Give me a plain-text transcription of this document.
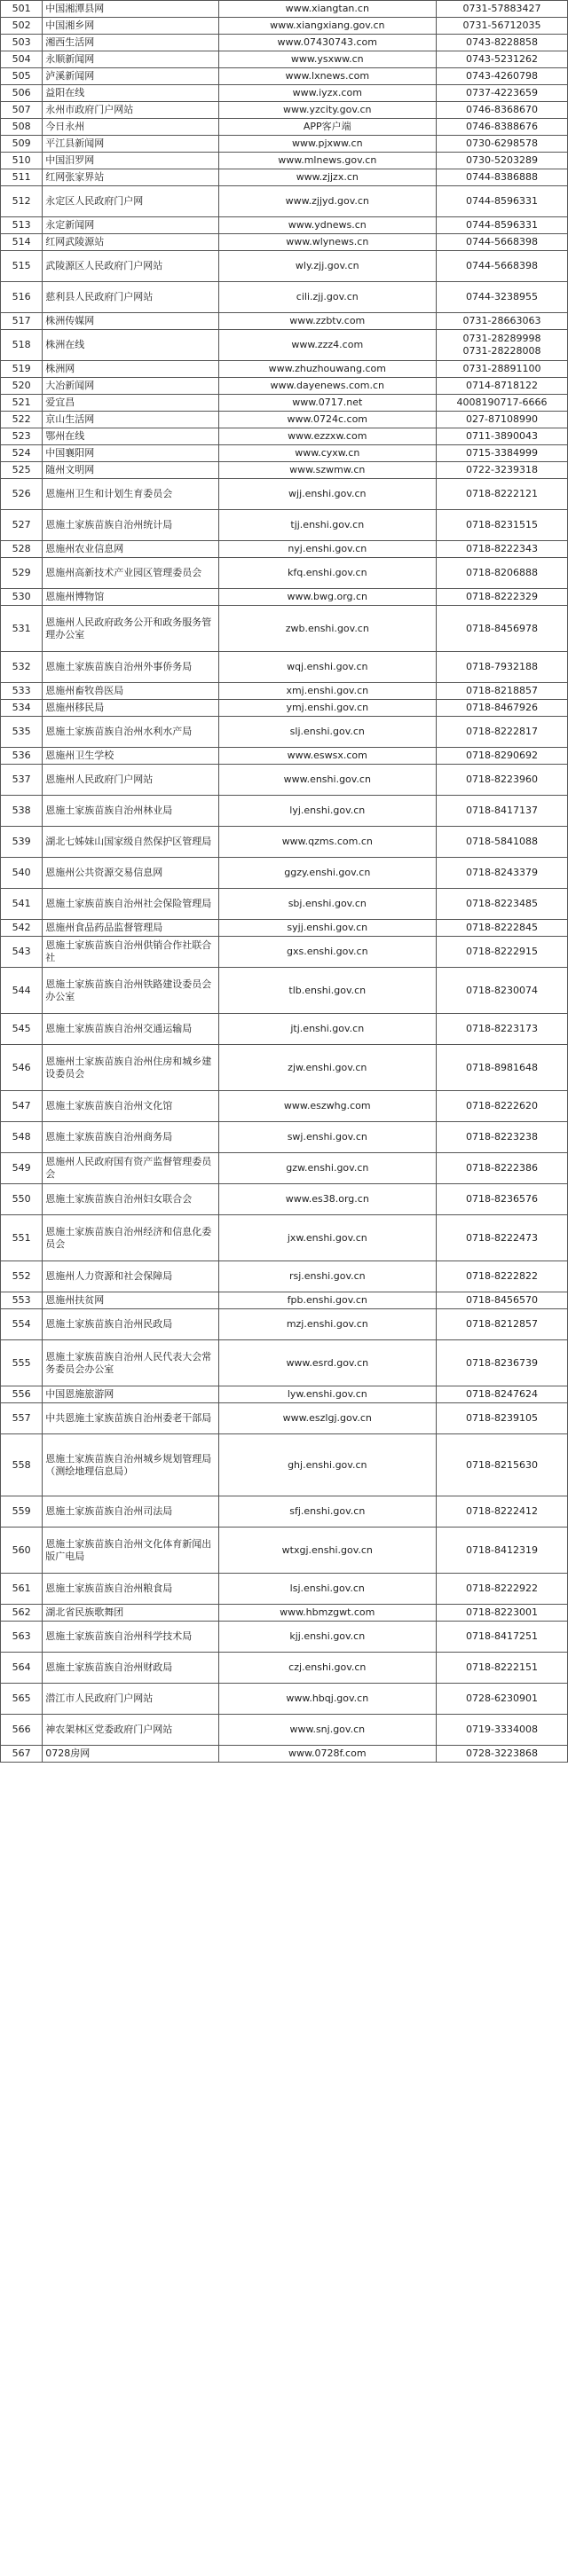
501	中国湘潭县网	www.xiangtan.cn	0731-57883427
502	中国湘乡网	www.xiangxiang.gov.cn	0731-56712035
503	湘西生活网	www.07430743.com	0743-8228858
504	永顺新闻网	www.ysxww.cn	0743-5231262
505	泸溪新闻网	www.lxnews.com	0743-4260798
506	益阳在线	www.iyzx.com	0737-4223659
507	永州市政府门户网站	www.yzcity.gov.cn	0746-8368670
508	今日永州	APP客户端	0746-8388676
509	平江县新闻网	www.pjxww.cn	0730-6298578
510	中国汨罗网	www.mlnews.gov.cn	0730-5203289
511	红网张家界站	www.zjjzx.cn	0744-8386888
512	永定区人民政府门户网	www.zjjyd.gov.cn	0744-8596331
513	永定新闻网	www.ydnews.cn	0744-8596331
514	红网武陵源站	www.wlynews.cn	0744-5668398
515	武陵源区人民政府门户网站	wly.zjj.gov.cn	0744-5668398
516	慈利县人民政府门户网站	cili.zjj.gov.cn	0744-3238955
517	株洲传媒网	www.zzbtv.com	0731-28663063
518	株洲在线	www.zzz4.com	0731-28289998
0731-28228008
519	株洲网	www.zhuzhouwang.com	0731-28891100
520	大冶新闻网	www.dayenews.com.cn	0714-8718122
521	爱宜昌	www.0717.net	4008190717-6666
522	京山生活网	www.0724c.com	027-87108990
523	鄂州在线	www.ezzxw.com	0711-3890043
524	中国襄阳网	www.cyxw.cn	0715-3384999
525	随州文明网	www.szwmw.cn	0722-3239318
526	恩施州卫生和计划生育委员会	wjj.enshi.gov.cn	0718-8222121
527	恩施土家族苗族自治州统计局	tjj.enshi.gov.cn	0718-8231515
528	恩施州农业信息网	nyj.enshi.gov.cn	0718-8222343
529	恩施州高新技术产业园区管理委员会	kfq.enshi.gov.cn	0718-8206888
530	恩施州博物馆	www.bwg.org.cn	0718-8222329
531	恩施州人民政府政务公开和政务服务管理办公室	zwb.enshi.gov.cn	0718-8456978
532	恩施土家族苗族自治州外事侨务局	wqj.enshi.gov.cn	0718-7932188
533	恩施州畜牧兽医局	xmj.enshi.gov.cn	0718-8218857
534	恩施州移民局	ymj.enshi.gov.cn	0718-8467926
535	恩施土家族苗族自治州水利水产局	slj.enshi.gov.cn	0718-8222817
536	恩施州卫生学校	www.eswsx.com	0718-8290692
537	恩施州人民政府门户网站	www.enshi.gov.cn	0718-8223960
538	恩施土家族苗族自治州林业局	lyj.enshi.gov.cn	0718-8417137
539	湖北七姊妹山国家级自然保护区管理局	www.qzms.com.cn	0718-5841088
540	恩施州公共资源交易信息网	ggzy.enshi.gov.cn	0718-8243379
541	恩施土家族苗族自治州社会保险管理局	sbj.enshi.gov.cn	0718-8223485
542	恩施州食品药品监督管理局	syjj.enshi.gov.cn	0718-8222845
543	恩施土家族苗族自治州供销合作社联合社	gxs.enshi.gov.cn	0718-8222915
544	恩施土家族苗族自治州铁路建设委员会办公室	tlb.enshi.gov.cn	0718-8230074
545	恩施土家族苗族自治州交通运输局	jtj.enshi.gov.cn	0718-8223173
546	恩施州土家族苗族自治州住房和城乡建设委员会	zjw.enshi.gov.cn	0718-8981648
547	恩施土家族苗族自治州文化馆	www.eszwhg.com	0718-8222620
548	恩施土家族苗族自治州商务局	swj.enshi.gov.cn	0718-8223238
549	恩施州人民政府国有资产监督管理委员会	gzw.enshi.gov.cn	0718-8222386
550	恩施土家族苗族自治州妇女联合会	www.es38.org.cn	0718-8236576
551	恩施土家族苗族自治州经济和信息化委员会	jxw.enshi.gov.cn	0718-8222473
552	恩施州人力资源和社会保障局	rsj.enshi.gov.cn	0718-8222822
553	恩施州扶贫网	fpb.enshi.gov.cn	0718-8456570
554	恩施土家族苗族自治州民政局	mzj.enshi.gov.cn	0718-8212857
555	恩施土家族苗族自治州人民代表大会常务委员会办公室	www.esrd.gov.cn	0718-8236739
556	中国恩施旅游网	lyw.enshi.gov.cn	0718-8247624
557	中共恩施土家族苗族自治州委老干部局	www.eszlgj.gov.cn	0718-8239105
558	恩施土家族苗族自治州城乡规划管理局（测绘地理信息局）	ghj.enshi.gov.cn	0718-8215630
559	恩施土家族苗族自治州司法局	sfj.enshi.gov.cn	0718-8222412
560	恩施土家族苗族自治州文化体育新闻出版广电局	wtxgj.enshi.gov.cn	0718-8412319
561	恩施土家族苗族自治州粮食局	lsj.enshi.gov.cn	0718-8222922
562	湖北省民族歌舞团	www.hbmzgwt.com	0718-8223001
563	恩施土家族苗族自治州科学技术局	kjj.enshi.gov.cn	0718-8417251
564	恩施土家族苗族自治州财政局	czj.enshi.gov.cn	0718-8222151
565	潜江市人民政府门户网站	www.hbqj.gov.cn	0728-6230901
566	神农架林区党委政府门户网站	www.snj.gov.cn	0719-3334008
567	0728房网	www.0728f.com	0728-3223868
